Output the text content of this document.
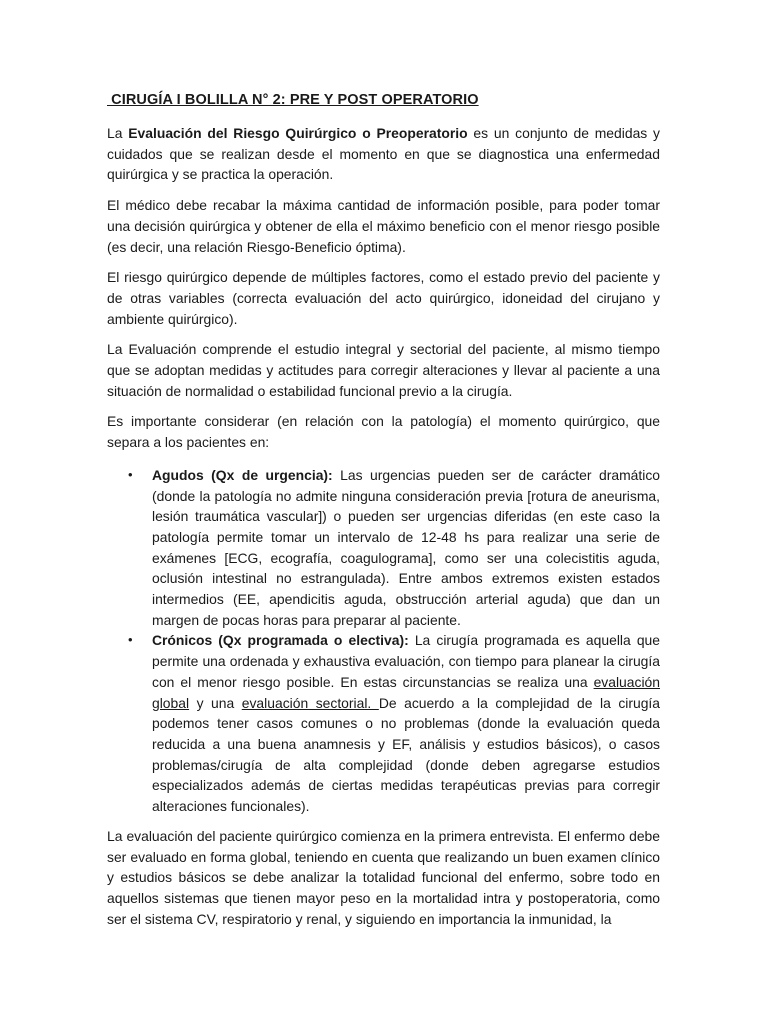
CIRUGÍA I BOLILLA N° 2: PRE Y POST OPERATORIO

La Evaluación del Riesgo Quirúrgico o Preoperatorio es un conjunto de medidas y cuidados que se realizan desde el momento en que se diagnostica una enfermedad quirúrgica y se practica la operación.

El médico debe recabar la máxima cantidad de información posible, para poder tomar una decisión quirúrgica y obtener de ella el máximo beneficio con el menor riesgo posible (es decir, una relación Riesgo-Beneficio óptima).

El riesgo quirúrgico depende de múltiples factores, como el estado previo del paciente y de otras variables (correcta evaluación del acto quirúrgico, idoneidad del cirujano y ambiente quirúrgico).

La Evaluación comprende el estudio integral y sectorial del paciente, al mismo tiempo que se adoptan medidas y actitudes para corregir alteraciones y llevar al paciente a una situación de normalidad o estabilidad funcional previo a la cirugía.

Es importante considerar (en relación con la patología) el momento quirúrgico, que separa a los pacientes en:

• Agudos (Qx de urgencia): Las urgencias pueden ser de carácter dramático (donde la patología no admite ninguna consideración previa [rotura de aneurisma, lesión traumática vascular]) o pueden ser urgencias diferidas (en este caso la patología permite tomar un intervalo de 12-48 hs para realizar una serie de exámenes [ECG, ecografía, coagulograma], como ser una colecistitis aguda, oclusión intestinal no estrangulada). Entre ambos extremos existen estados intermedios (EE, apendicitis aguda, obstrucción arterial aguda) que dan un margen de pocas horas para preparar al paciente.
• Crónicos (Qx programada o electiva): La cirugía programada es aquella que permite una ordenada y exhaustiva evaluación, con tiempo para planear la cirugía con el menor riesgo posible. En estas circunstancias se realiza una evaluación global y una evaluación sectorial. De acuerdo a la complejidad de la cirugía podemos tener casos comunes o no problemas (donde la evaluación queda reducida a una buena anamnesis y EF, análisis y estudios básicos), o casos problemas/cirugía de alta complejidad (donde deben agregarse estudios especializados además de ciertas medidas terapéuticas previas para corregir alteraciones funcionales).

La evaluación del paciente quirúrgico comienza en la primera entrevista. El enfermo debe ser evaluado en forma global, teniendo en cuenta que realizando un buen examen clínico y estudios básicos se debe analizar la totalidad funcional del enfermo, sobre todo en aquellos sistemas que tienen mayor peso en la mortalidad intra y postoperatoria, como ser el sistema CV, respiratorio y renal, y siguiendo en importancia la inmunidad, la
